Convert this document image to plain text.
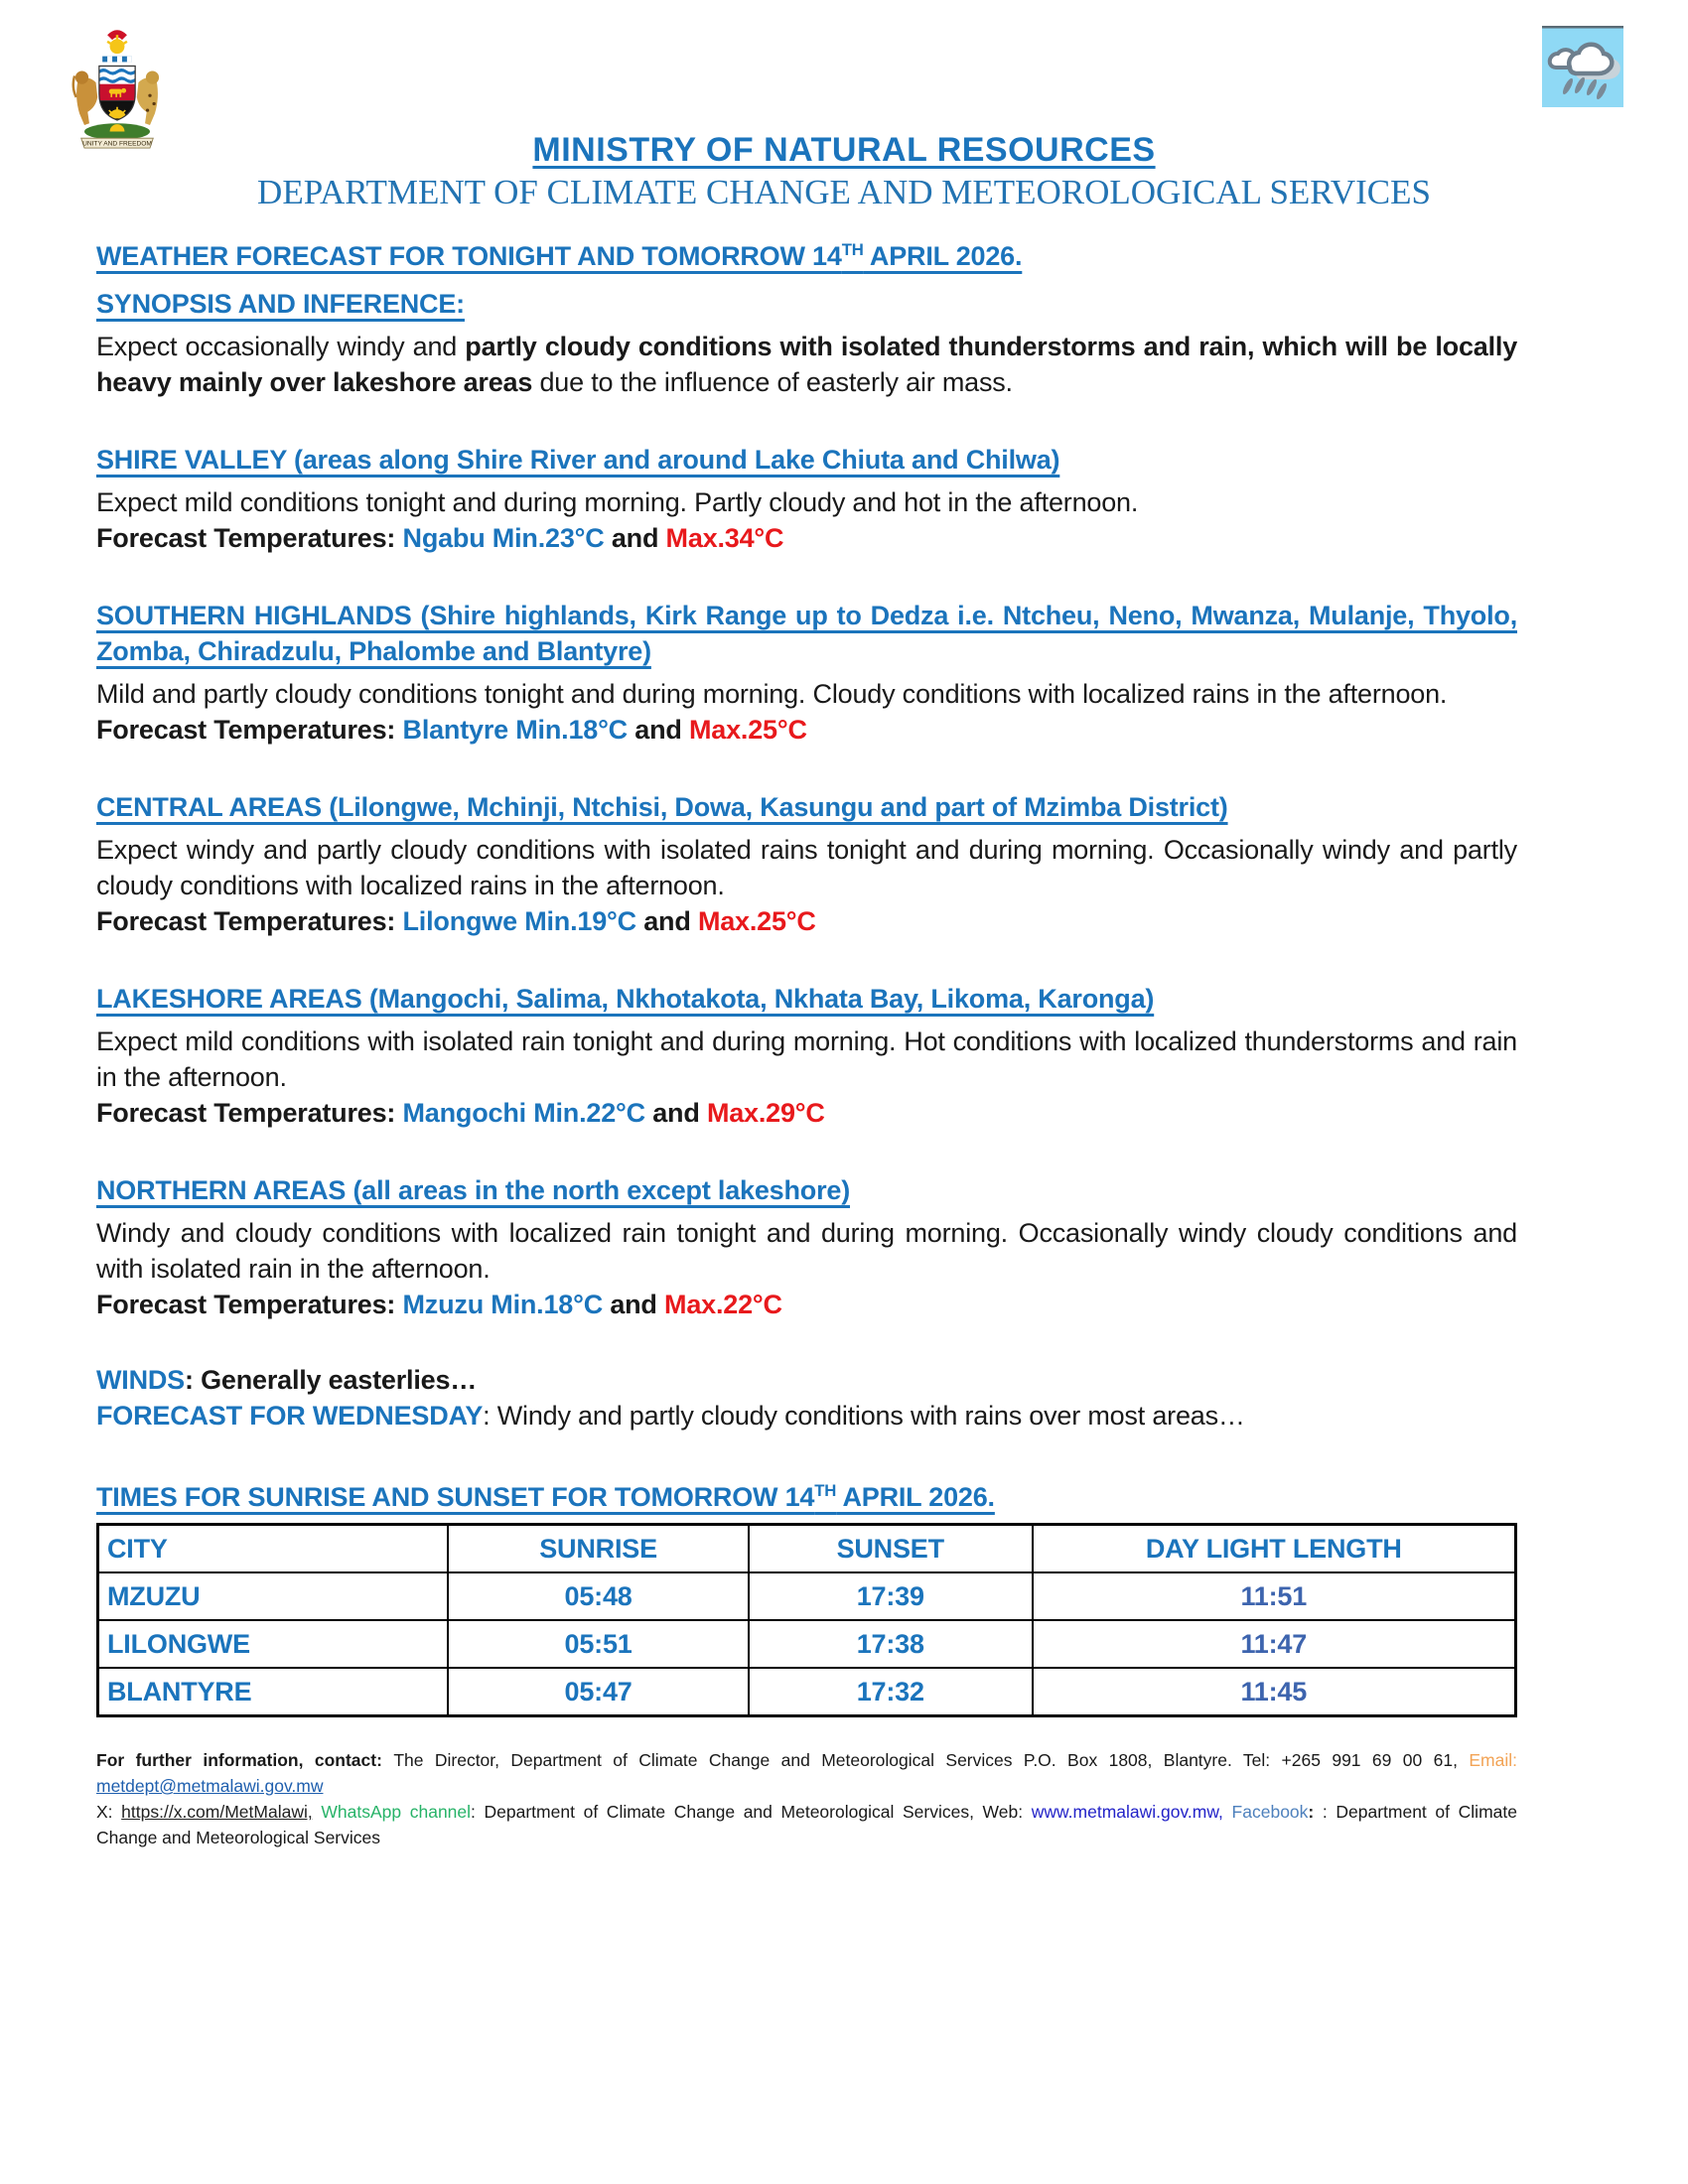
UNITY AND FREEDOM	MINISTRY OF NATURAL RESOURCES
DEPARTMENT OF CLIMATE CHANGE AND METEOROLOGICAL SERVICES

WEATHER FORECAST FOR TONIGHT AND TOMORROW 14TH APRIL 2026.

SYNOPSIS AND INFERENCE:

Expect occasionally windy and partly cloudy conditions with isolated thunderstorms and rain, which will be locally heavy mainly over lakeshore areas due to the influence of easterly air mass.

SHIRE VALLEY (areas along Shire River and around Lake Chiuta and Chilwa)

Expect mild conditions tonight and during morning. Partly cloudy and hot in the afternoon.

Forecast Temperatures: Ngabu Min.23°C and Max.34°C

SOUTHERN HIGHLANDS (Shire highlands, Kirk Range up to Dedza i.e. Ntcheu, Neno, Mwanza, Mulanje, Thyolo, Zomba, Chiradzulu, Phalombe and Blantyre)

Mild and partly cloudy conditions tonight and during morning. Cloudy conditions with localized rains in the afternoon.

Forecast Temperatures: Blantyre Min.18°C and Max.25°C

CENTRAL AREAS (Lilongwe, Mchinji, Ntchisi, Dowa, Kasungu and part of Mzimba District)

Expect windy and partly cloudy conditions with isolated rains tonight and during morning. Occasionally windy and partly cloudy conditions with localized rains in the afternoon.

Forecast Temperatures: Lilongwe Min.19°C and Max.25°C

LAKESHORE AREAS (Mangochi, Salima, Nkhotakota, Nkhata Bay, Likoma, Karonga)

Expect mild conditions with isolated rain tonight and during morning. Hot conditions with localized thunderstorms and rain in the afternoon.

Forecast Temperatures: Mangochi Min.22°C and Max.29°C

NORTHERN AREAS (all areas in the north except lakeshore)

Windy and cloudy conditions with localized rain tonight and during morning. Occasionally windy cloudy conditions and with isolated rain in the afternoon.

Forecast Temperatures: Mzuzu Min.18°C and Max.22°C

WINDS: Generally easterlies…

FORECAST FOR WEDNESDAY: Windy and partly cloudy conditions with rains over most areas…

TIMES FOR SUNRISE AND SUNSET FOR TOMORROW 14TH APRIL 2026.

CITY	SUNRISE	SUNSET	DAY LIGHT LENGTH
MZUZU	05:48	17:39	11:51
LILONGWE	05:51	17:38	11:47
BLANTYRE	05:47	17:32	11:45

For further information, contact: The Director, Department of Climate Change and Meteorological Services P.O. Box 1808, Blantyre. Tel: +265 991 69 00 61, Email: metdept@metmalawi.gov.mw
X: https://x.com/MetMalawi, WhatsApp channel: Department of Climate Change and Meteorological Services, Web: www.metmalawi.gov.mw, Facebook: : Department of Climate Change and Meteorological Services
